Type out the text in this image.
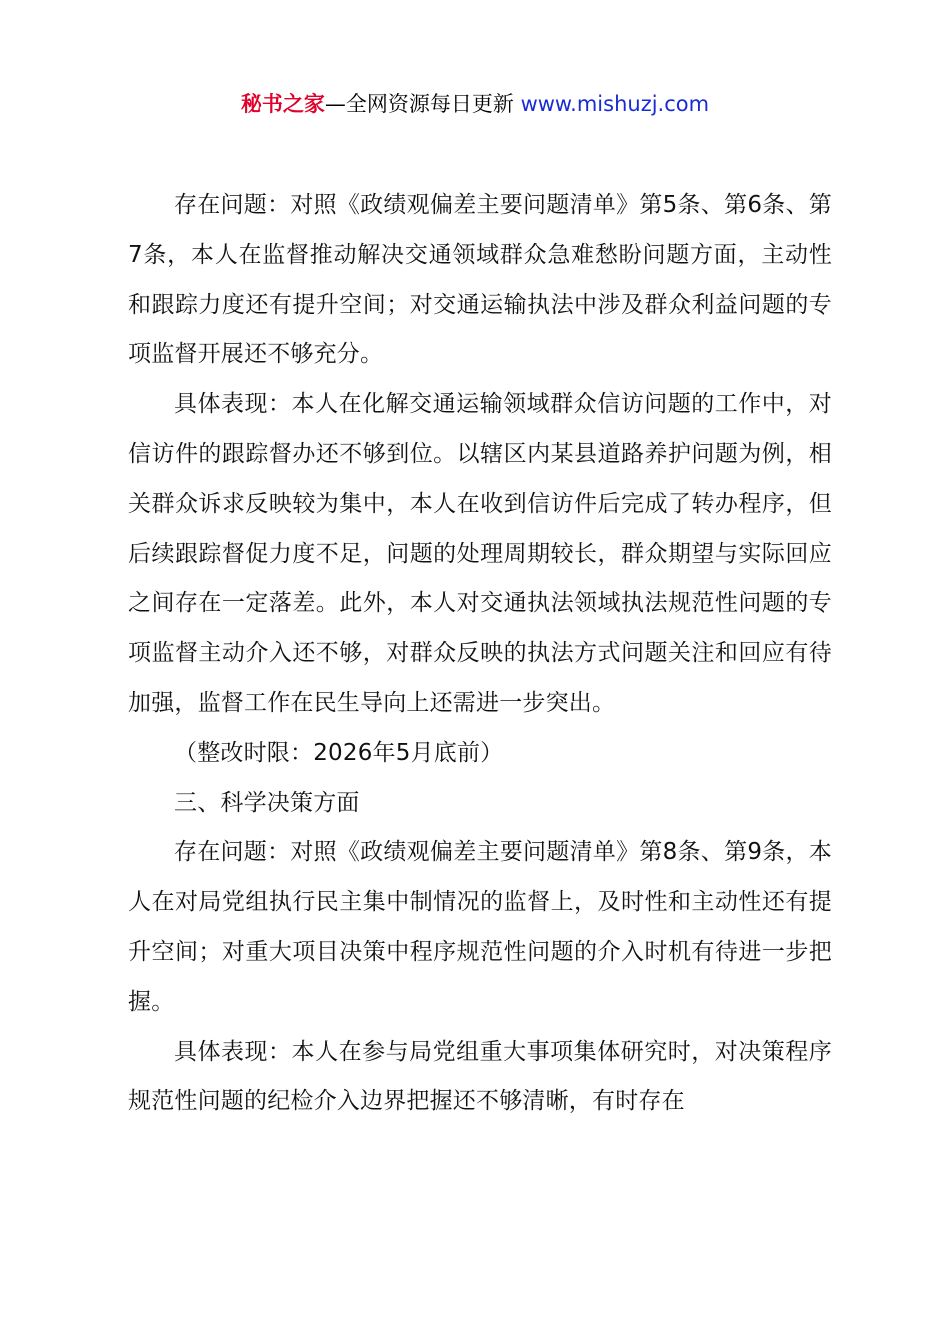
秘书之家—全网资源每日更新 www.mishuzj.com

存在问题：对照《政绩观偏差主要问题清单》第5条、第6条、第7条，本人在监督推动解决交通领域群众急难愁盼问题方面，主动性和跟踪力度还有提升空间；对交通运输执法中涉及群众利益问题的专项监督开展还不够充分。

具体表现：本人在化解交通运输领域群众信访问题的工作中，对信访件的跟踪督办还不够到位。以辖区内某县道路养护问题为例，相关群众诉求反映较为集中，本人在收到信访件后完成了转办程序，但后续跟踪督促力度不足，问题的处理周期较长，群众期望与实际回应之间存在一定落差。此外，本人对交通执法领域执法规范性问题的专项监督主动介入还不够，对群众反映的执法方式问题关注和回应有待加强，监督工作在民生导向上还需进一步突出。

（整改时限：2026年5月底前）

三、科学决策方面

存在问题：对照《政绩观偏差主要问题清单》第8条、第9条，本人在对局党组执行民主集中制情况的监督上，及时性和主动性还有提升空间；对重大项目决策中程序规范性问题的介入时机有待进一步把握。

具体表现：本人在参与局党组重大事项集体研究时，对决策程序规范性问题的纪检介入边界把握还不够清晰，有时存在
